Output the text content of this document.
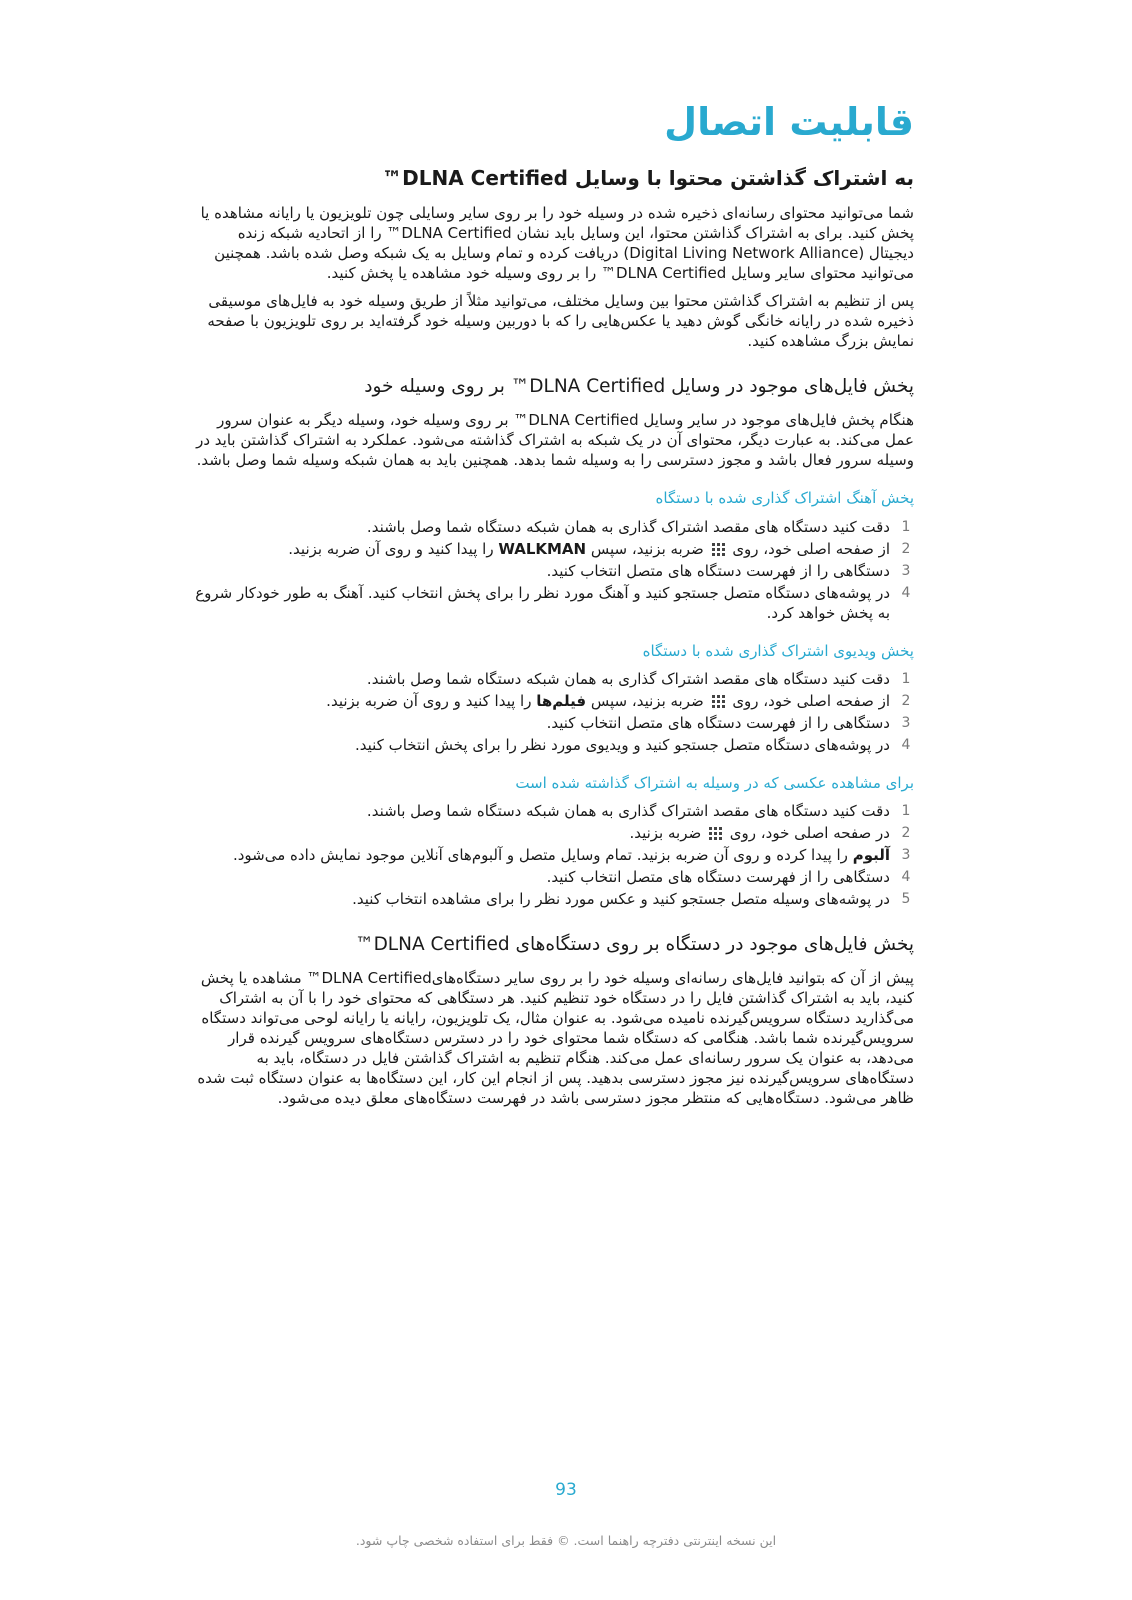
قابلیت اتصال
به اشتراک گذاشتن محتوا با وسایل DLNA Certified™

شما می‌توانید محتوای رسانه‌ای ذخیره شده در وسیله خود را بر روی سایر وسایلی چون تلویزیون یا رایانه مشاهده یا پخش کنید. برای به اشتراک گذاشتن محتوا، این وسایل باید نشان DLNA Certified™ را از اتحادیه شبکه زنده دیجیتال (Digital Living Network Alliance) دریافت کرده و تمام وسایل به یک شبکه وصل شده باشد. همچنین می‌توانید محتوای سایر وسایل DLNA Certified™ را بر روی وسیله خود مشاهده یا پخش کنید.

پس از تنظیم به اشتراک گذاشتن محتوا بین وسایل مختلف، می‌توانید مثلاً از طریق وسیله خود به فایل‌های موسیقی ذخیره شده در رایانه خانگی گوش دهید یا عکس‌هایی را که با دوربین وسیله خود گرفته‌اید بر روی تلویزیون با صفحه نمایش بزرگ مشاهده کنید.

پخش فایل‌های موجود در وسایل DLNA Certified™ بر روی وسیله خود

هنگام پخش فایل‌های موجود در سایر وسایل DLNA Certified™ بر روی وسیله خود، وسیله دیگر به عنوان سرور عمل می‌کند. به عبارت دیگر، محتوای آن در یک شبکه به اشتراک گذاشته می‌شود. عملکرد به اشتراک گذاشتن باید در وسیله سرور فعال باشد و مجوز دسترسی را به وسیله شما بدهد. همچنین باید به همان شبکه وسیله شما وصل باشد.

پخش آهنگ اشتراک گذاری شده با دستگاه
1
دقت کنید دستگاه های مقصد اشتراک گذاری به همان شبکه دستگاه شما وصل باشند.
2
از صفحه اصلی خود، روی
ضربه بزنید، سپس WALKMAN را پیدا کنید و روی آن ضربه بزنید.
3
دستگاهی را از فهرست دستگاه های متصل انتخاب کنید.
4
در پوشه‌های دستگاه متصل جستجو کنید و آهنگ مورد نظر را برای پخش انتخاب کنید. آهنگ به طور خودکار شروع به پخش خواهد کرد.
پخش ویدیوی اشتراک گذاری شده با دستگاه
1
دقت کنید دستگاه های مقصد اشتراک گذاری به همان شبکه دستگاه شما وصل باشند.
2
از صفحه اصلی خود، روی
ضربه بزنید، سپس فیلم‌ها را پیدا کنید و روی آن ضربه بزنید.
3
دستگاهی را از فهرست دستگاه های متصل انتخاب کنید.
4
در پوشه‌های دستگاه متصل جستجو کنید و ویدیوی مورد نظر را برای پخش انتخاب کنید.
برای مشاهده عکسی که در وسیله به اشتراک گذاشته شده است
1
دقت کنید دستگاه های مقصد اشتراک گذاری به همان شبکه دستگاه شما وصل باشند.
2
در صفحه اصلی خود، روی
ضربه بزنید.
3
آلبوم را پیدا کرده و روی آن ضربه بزنید. تمام وسایل متصل و آلبوم‌های آنلاین موجود نمایش داده می‌شود.
4
دستگاهی را از فهرست دستگاه های متصل انتخاب کنید.
5
در پوشه‌های وسیله متصل جستجو کنید و عکس مورد نظر را برای مشاهده انتخاب کنید.
پخش فایل‌های موجود در دستگاه بر روی دستگاه‌های DLNA Certified™

پیش از آن که بتوانید فایل‌های رسانه‌ای وسیله خود را بر روی سایر دستگاه‌هایDLNA Certified™ مشاهده یا پخش کنید، باید به اشتراک گذاشتن فایل را در دستگاه خود تنظیم کنید. هر دستگاهی که محتوای خود را با آن به اشتراک می‌گذارید دستگاه سرویس‌گیرنده نامیده می‌شود. به عنوان مثال، یک تلویزیون، رایانه یا رایانه لوحی می‌تواند دستگاه سرویس‌گیرنده شما باشد. هنگامی که دستگاه شما محتوای خود را در دسترس دستگاه‌های سرویس گیرنده قرار می‌دهد، به عنوان یک سرور رسانه‌ای عمل می‌کند. هنگام تنظیم به اشتراک گذاشتن فایل در دستگاه، باید به دستگاه‌های سرویس‌گیرنده نیز مجوز دسترسی بدهید. پس از انجام این کار، این دستگاه‌ها به عنوان دستگاه ثبت شده ظاهر می‌شود. دستگاه‌هایی که منتظر مجوز دسترسی باشد در فهرست دستگاه‌های معلق دیده می‌شود.

93
این نسخه اینترنتی دفترچه راهنما است. © فقط برای استفاده شخصی چاپ شود.
